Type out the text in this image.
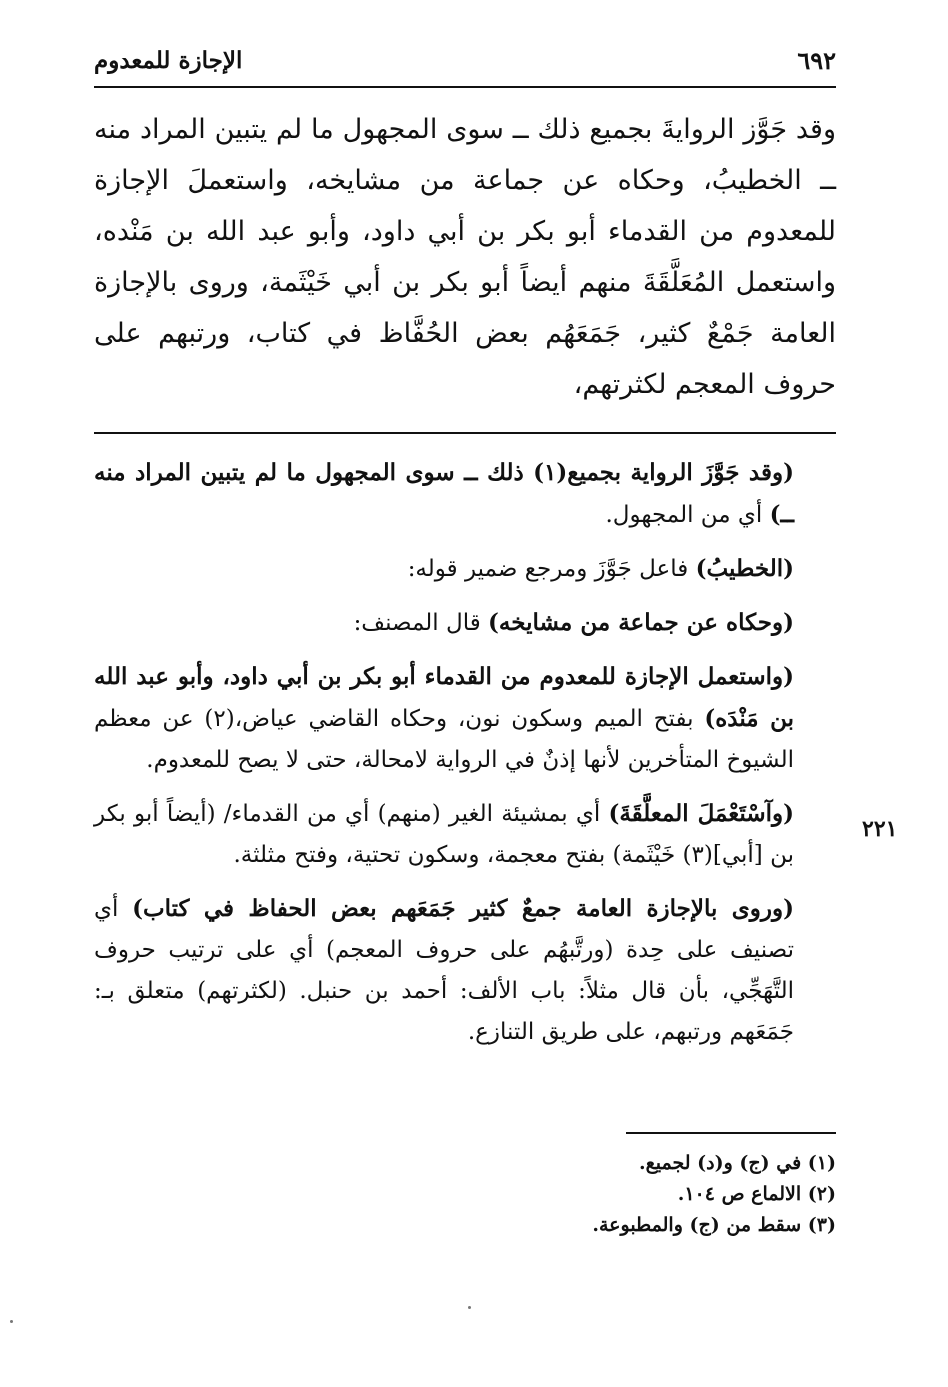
٦٩٢
الإجازة للمعدوم

وقد جَوَّز الروايةَ بجميع ذلك ــ سوى المجهول ما لم يتبين المراد منه ــ الخطيبُ، وحكاه عن جماعة من مشايخه، واستعملَ الإجازة للمعدوم من القدماء أبو بكر بن أبي داود، وأبو عبد الله بن مَنْده، واستعمل المُعَلَّقَةَ منهم أيضاً أبو بكر بن أبي خَيْثَمة، وروى بالإجازة العامة جَمْعٌ كثير، جَمَعَهُم بعض الحُفَّاظ في كتاب، ورتبهم على حروف المعجم لكثرتهم،

(وقد جَوَّزَ الرواية بجميع(١) ذلك ــ سوى المجهول ما لم يتبين المراد منه ــ) أي من المجهول.

(الخطيبُ) فاعل جَوَّزَ ومرجع ضمير قوله:

(وحكاه عن جماعة من مشايخه) قال المصنف:

(واستعمل الإجازة للمعدوم من القدماء أبو بكر بن أبي داود، وأبو عبد الله بن مَنْدَه) بفتح الميم وسكون نون، وحكاه القاضي عياض،(٢) عن معظم الشيوخ المتأخرين لأنها إذنٌ في الرواية لامحالة، حتى لا يصح للمعدوم.

(وآسْتَعْمَلَ المعلَّقَةَ) أي بمشيئة الغير (منهم) أي من القدماء/ (أيضاً أبو بكر بن [أبي](٣) خَيْثَمة) بفتح معجمة، وسكون تحتية، وفتح مثلثة.

(وروى بالإجازة العامة جمعٌ كثير جَمَعَهم بعض الحفاظ في كتاب) أي تصنيف على حِدة (ورتَّبهُم على حروف المعجم) أي على ترتيب حروف التَّهَجِّي، بأن قال مثلاً: باب الألف: أحمد بن حنبل. (لكثرتهم) متعلق بـ: جَمَعَهم ورتبهم، على طريق التنازع.

٢٢١
(١) في (ج) و(د) لجميع.
(٢) الالماع ص ١٠٤.
(٣) سقط من (ج) والمطبوعة.
